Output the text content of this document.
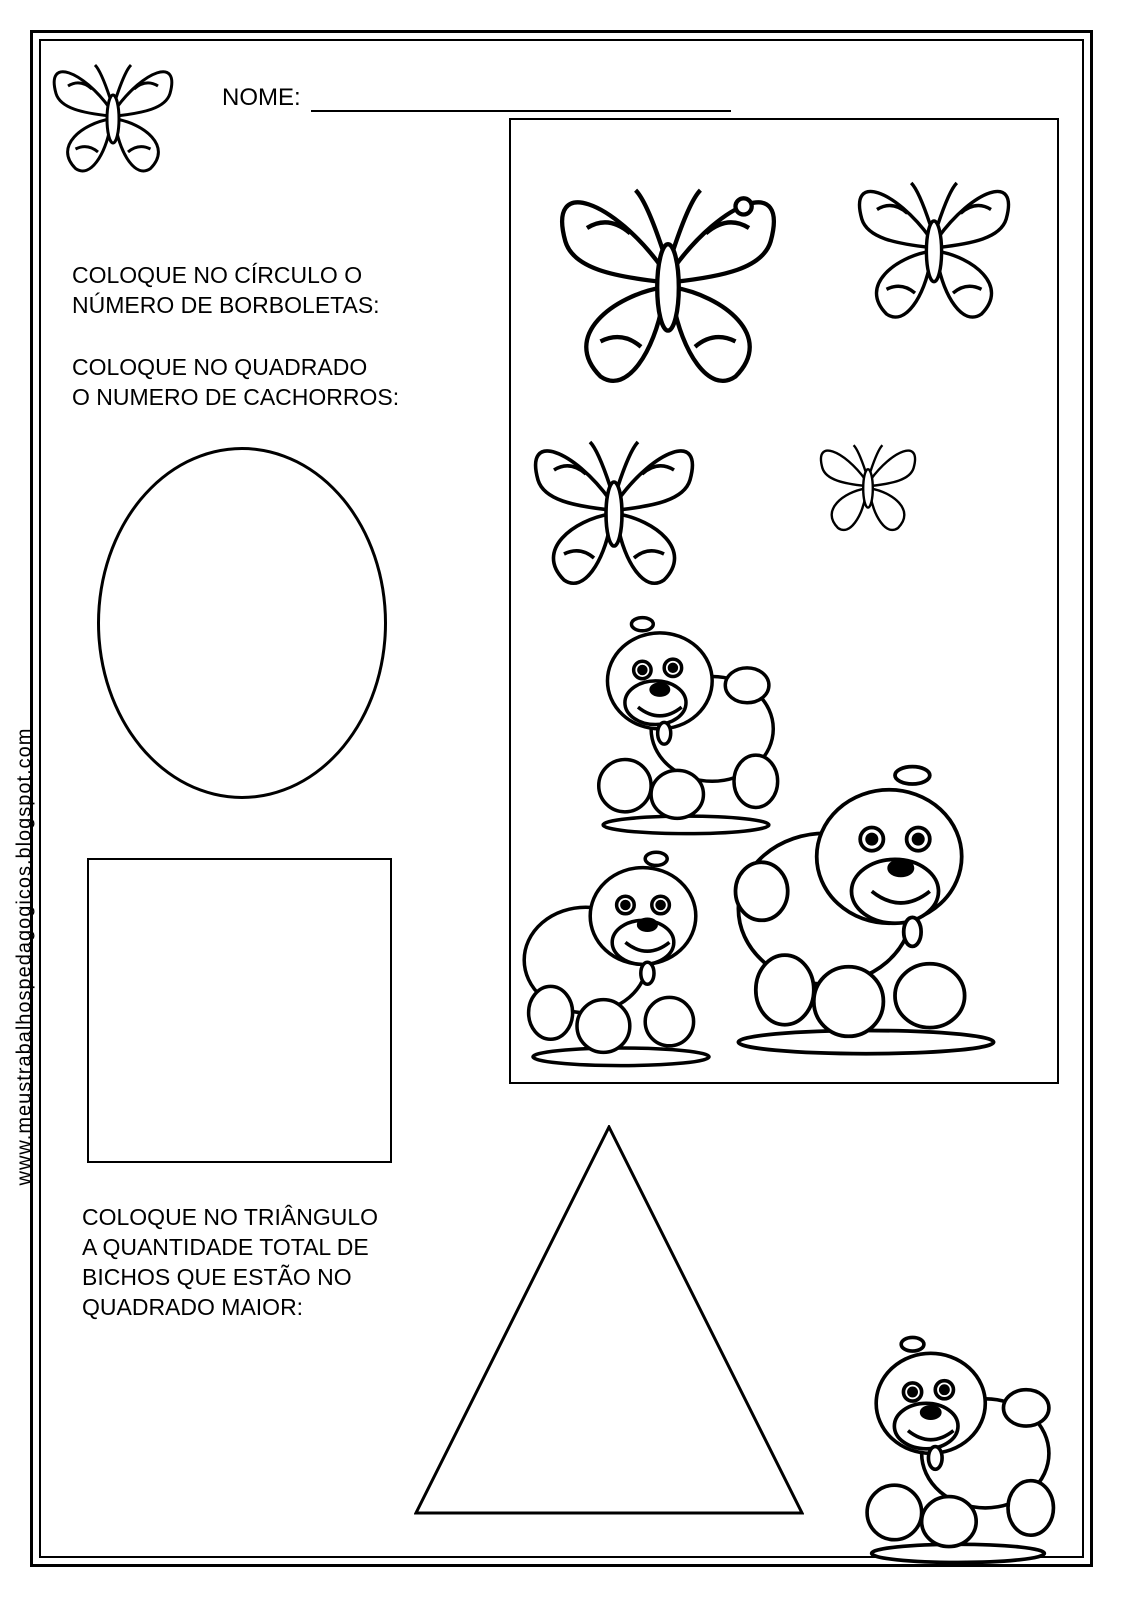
www.meustrabalhospedagogicos.blogspot.com
NOME:
COLOQUE NO CÍRCULO O
NÚMERO DE BORBOLETAS:
COLOQUE NO QUADRADO
O NUMERO DE CACHORROS:
COLOQUE NO TRIÂNGULO
A QUANTIDADE TOTAL DE
BICHOS QUE ESTÃO NO
QUADRADO MAIOR:
